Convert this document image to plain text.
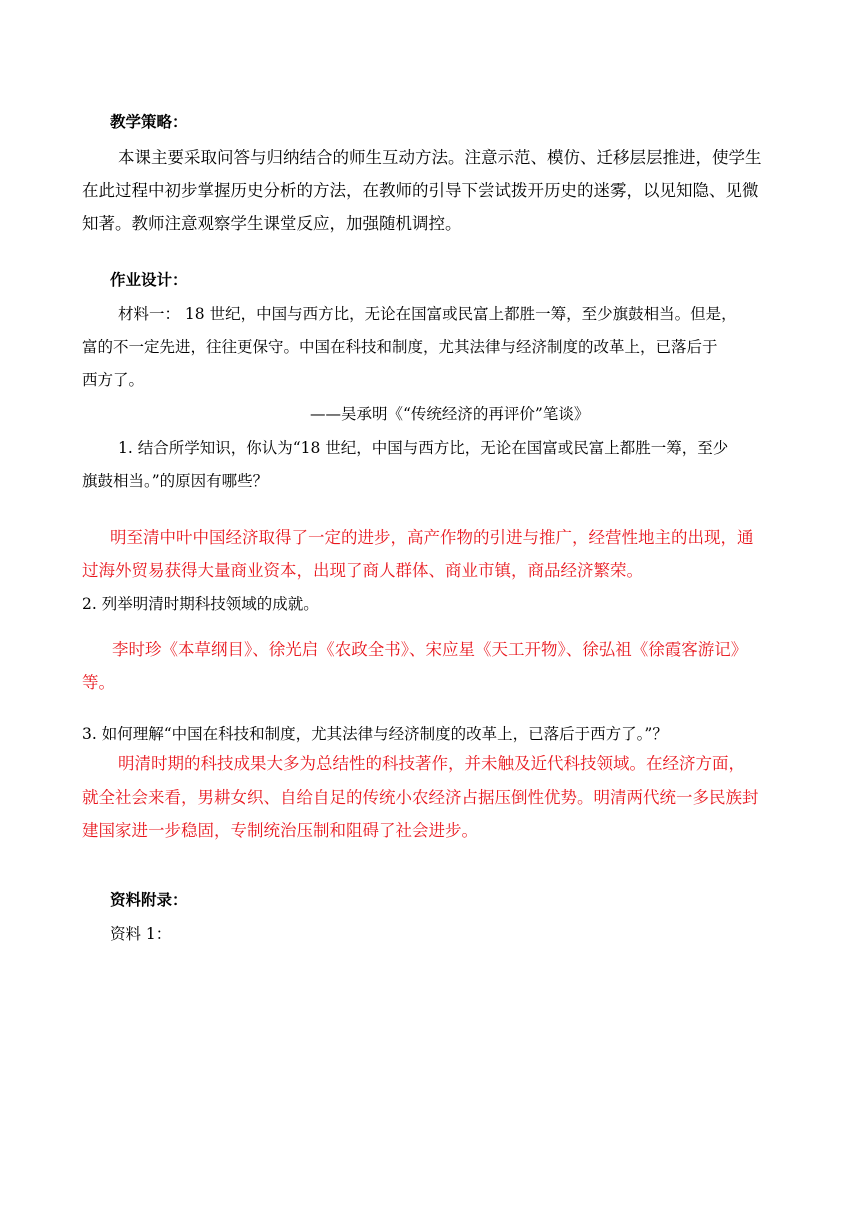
教学策略：
本课主要采取问答与归纳结合的师生互动方法。注意示范、模仿、迁移层层推进，使学生
在此过程中初步掌握历史分析的方法，在教师的引导下尝试拨开历史的迷雾，以见知隐、见微
知著。教师注意观察学生课堂反应，加强随机调控。
作业设计：
材料一： 18 世纪，中国与西方比，无论在国富或民富上都胜一筹，至少旗鼓相当。但是，
富的不一定先进，往往更保守。中国在科技和制度，尤其法律与经济制度的改革上，已落后于
西方了。
——吴承明《“传统经济的再评价”笔谈》
1. 结合所学知识，你认为“18 世纪，中国与西方比，无论在国富或民富上都胜一筹，至少
旗鼓相当。”的原因有哪些？
明至清中叶中国经济取得了一定的进步，高产作物的引进与推广，经营性地主的出现，通
过海外贸易获得大量商业资本，出现了商人群体、商业市镇，商品经济繁荣。
2. 列举明清时期科技领域的成就。
李时珍《本草纲目》、徐光启《农政全书》、宋应星《天工开物》、徐弘祖《徐霞客游记》
等。
3. 如何理解“中国在科技和制度，尤其法律与经济制度的改革上，已落后于西方了。”？
明清时期的科技成果大多为总结性的科技著作，并未触及近代科技领域。在经济方面，
就全社会来看，男耕女织、自给自足的传统小农经济占据压倒性优势。明清两代统一多民族封
建国家进一步稳固，专制统治压制和阻碍了社会进步。
资料附录：
资料 1：
